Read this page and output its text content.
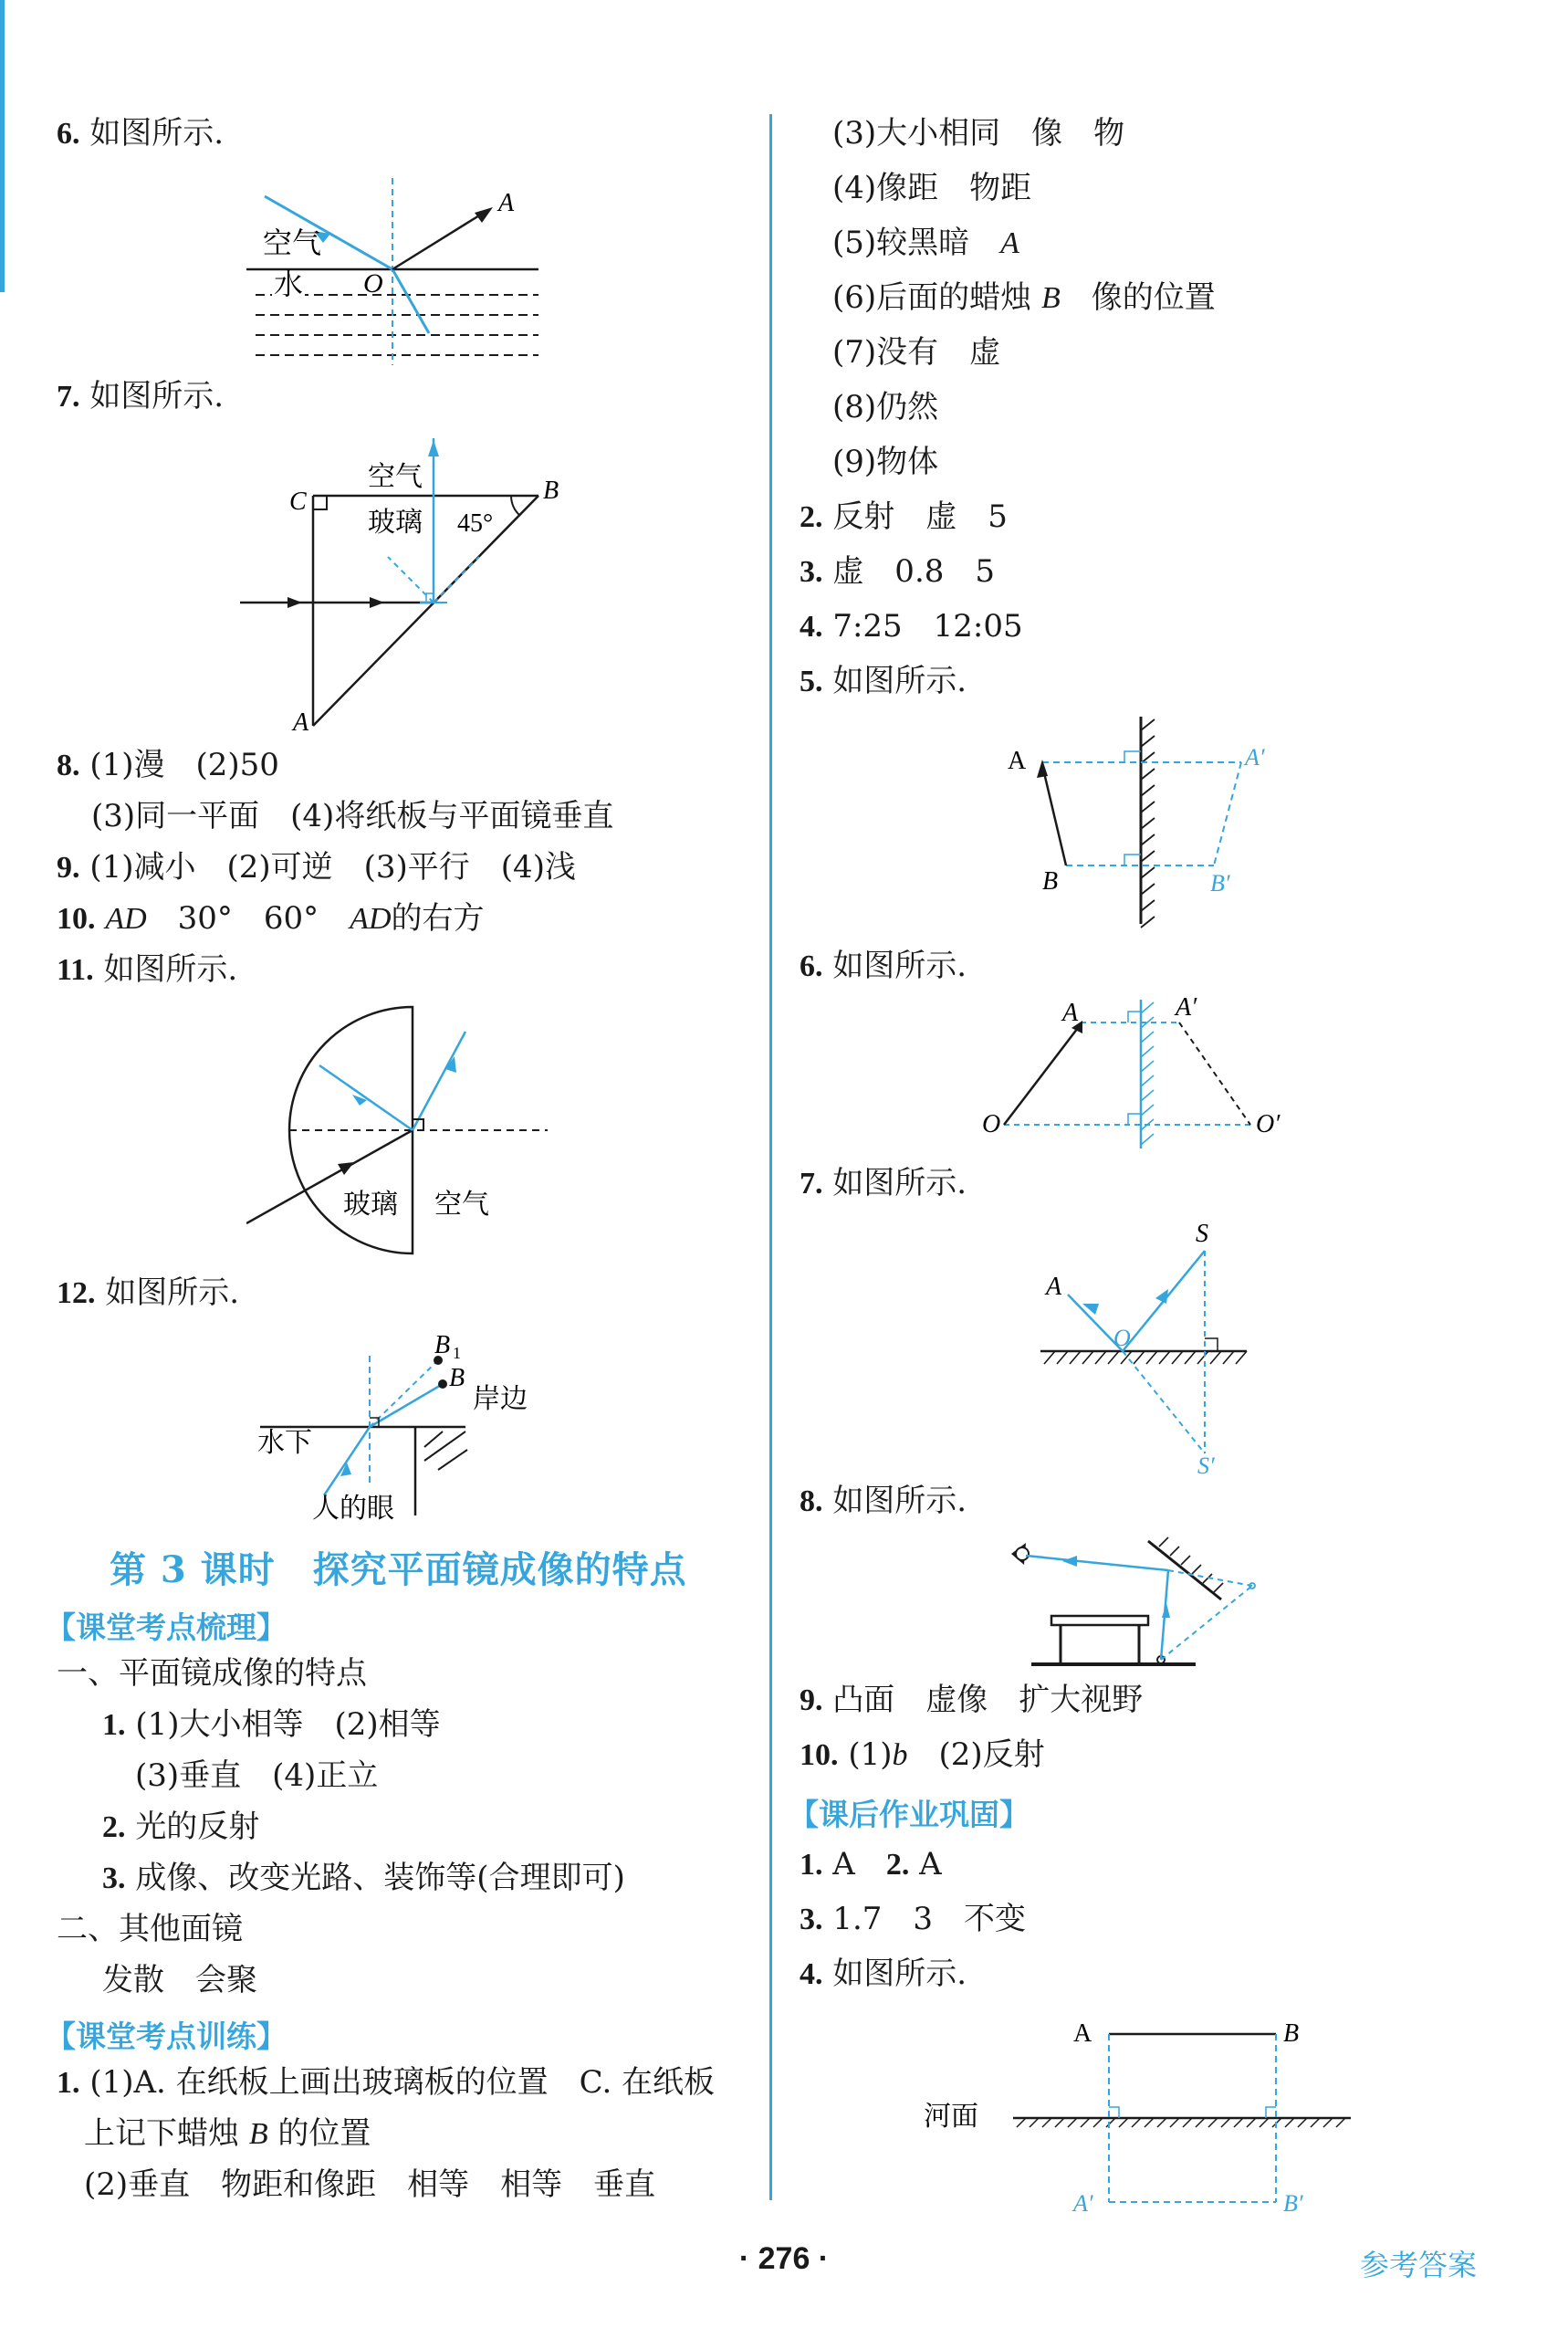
6. 如图所示.
空气
水 O
A
7. 如图所示.
空气
玻璃 45°
C	B
A
8. (1)漫　(2)50
(3)同一平面　(4)将纸板与平面镜垂直
9. (1)减小　(2)可逆　(3)平行　(4)浅
10. AD　30°　60°　AD的右方
11. 如图所示.
玻璃 空气
12. 如图所示.
B 1
B
岸边
水下
人的眼
第 3 课时　探究平面镜成像的特点
【课堂考点梳理】
一、平面镜成像的特点
1. (1)大小相等　(2)相等
(3)垂直　(4)正立
2. 光的反射
3. 成像、改变光路、装饰等(合理即可)
二、其他面镜
发散　会聚
【课堂考点训练】
1. (1)A. 在纸板上画出玻璃板的位置　C. 在纸板
上记下蜡烛 B 的位置
(2)垂直　物距和像距　相等　相等　垂直
(3)大小相同　像　物
(4)像距　物距
(5)较黑暗　A
(6)后面的蜡烛 B　像的位置
(7)没有　虚
(8)仍然
(9)物体
2. 反射　虚　5
3. 虚　0.8　5
4. 7:25　12:05
5. 如图所示.
A
B
A′
B′
6. 如图所示.
A	A′
O	O′
7. 如图所示.
S
A
O
S′
8. 如图所示.
9. 凸面　虚像　扩大视野
10. (1)b　(2)反射
【课后作业巩固】
1. A　2. A
3. 1.7　3　不变
4. 如图所示.
A	B
河面
A′	B′
· 276 ·	参考答案
